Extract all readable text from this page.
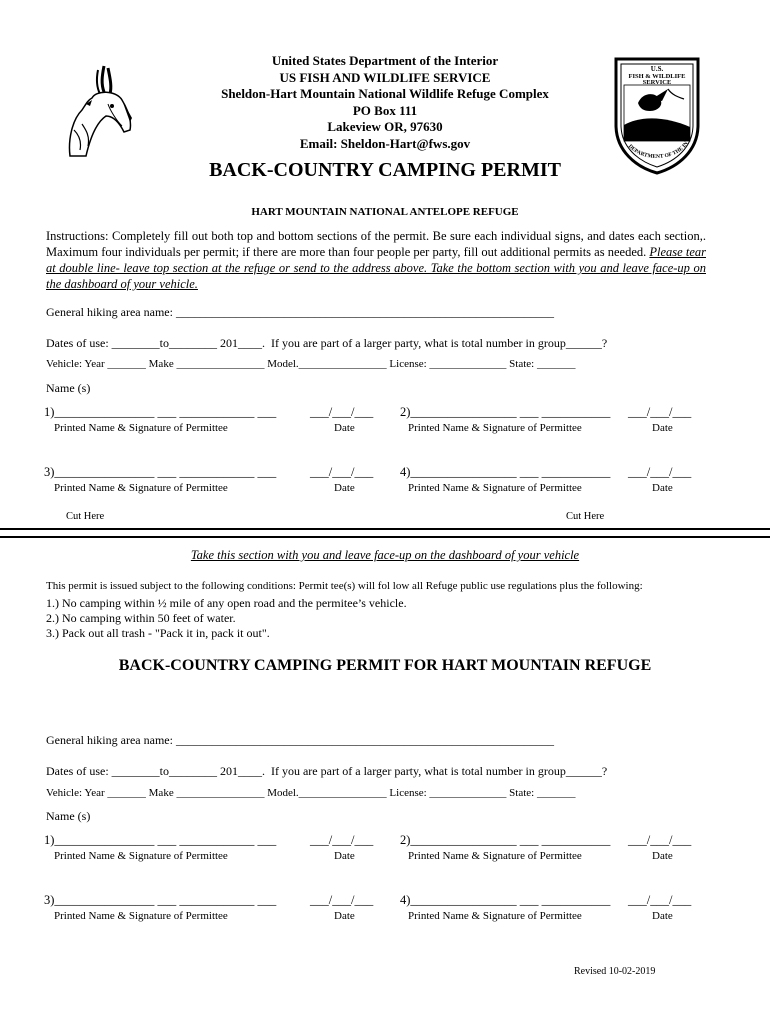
United States Department of the Interior
US FISH AND WILDLIFE SERVICE
Sheldon-Hart Mountain National Wildlife Refuge Complex
PO Box 111
Lakeview OR, 97630
Email: Sheldon-Hart@fws.gov
U.S.
FISH & WILDLIFE
SERVICE
DEPARTMENT OF THE IN
BACK-COUNTRY CAMPING PERMIT
HART MOUNTAIN NATIONAL ANTELOPE REFUGE
Instructions: Completely fill out both top and bottom sections of the permit. Be sure each individual signs, and dates each section,. Maximum four individuals per permit; if there are more than four people per party, fill out additional permits as needed. Please tear at double line- leave top section at the refuge or send to the address above. Take the bottom section with you and leave face-up on the dashboard of your vehicle.
General hiking area name: _______________________________________________________________
Dates of use: ________to________ 201____.  If you are part of a larger party, what is total number in group______?
Vehicle: Year _______ Make ________________ Model.________________ License: ______________ State: _______
Name (s)
1)________________ ___ ____________ ___	___/___/___ 2)_________________ ___ ___________ ___/___/___
Printed Name & Signature of Permittee	Date	Printed Name & Signature of Permittee	Date
3)________________ ___ ____________ ___	___/___/___ 4)_________________ ___ ___________ ___/___/___
Printed Name & Signature of Permittee	Date	Printed Name & Signature of Permittee	Date
Cut Here	Cut Here
Take this section with you and leave face-up on the dashboard of your vehicle
This permit is issued subject to the following conditions: Permit tee(s) will fol low all Refuge public use regulations plus the following:
1.) No camping within ½ mile of any open road and the permitee’s vehicle.
2.) No camping within 50 feet of water.
3.) Pack out all trash - "Pack it in, pack it out".
BACK-COUNTRY CAMPING PERMIT FOR HART MOUNTAIN REFUGE
General hiking area name: _______________________________________________________________
Dates of use: ________to________ 201____.  If you are part of a larger party, what is total number in group______?
Vehicle: Year _______ Make ________________ Model.________________ License: ______________ State: _______
Name (s)
1)________________ ___ ____________ ___	___/___/___ 2)_________________ ___ ___________ ___/___/___
Printed Name & Signature of Permittee	Date	Printed Name & Signature of Permittee	Date
3)________________ ___ ____________ ___	___/___/___ 4)_________________ ___ ___________ ___/___/___
Printed Name & Signature of Permittee	Date	Printed Name & Signature of Permittee	Date
Revised 10-02-2019
